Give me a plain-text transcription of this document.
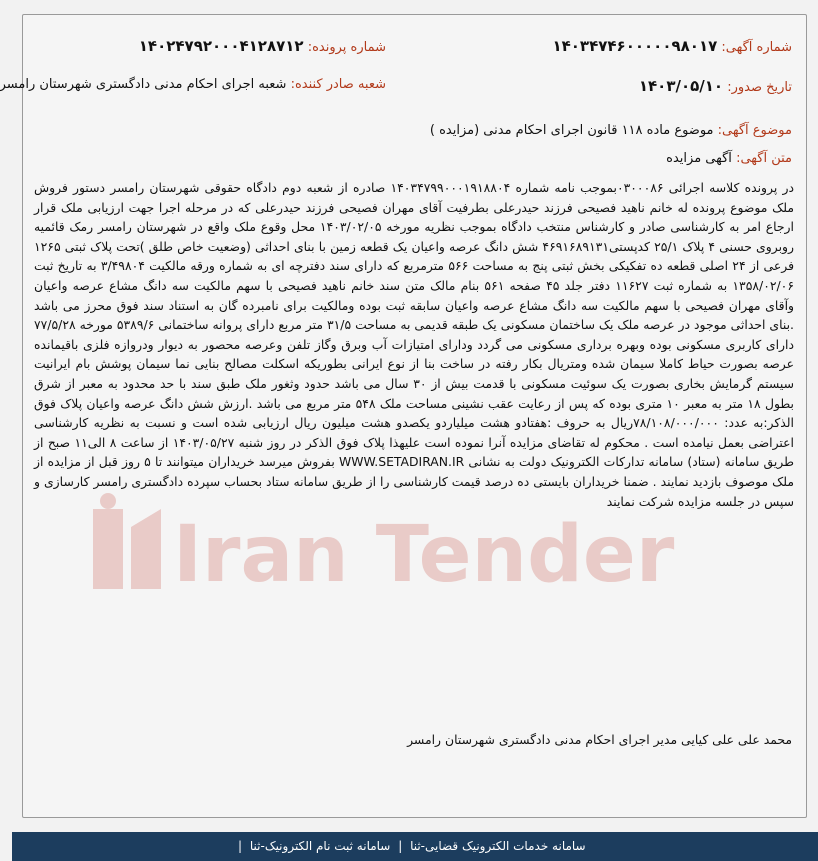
شماره آگهی: ۱۴۰۳۴۷۴۶۰۰۰۰۰۹۸۰۱۷
شماره پرونده: ۱۴۰۲۴۷۹۲۰۰۰۴۱۲۸۷۱۲
تاریخ صدور: ۱۴۰۳/۰۵/۱۰
شعبه صادر کننده: شعبه اجرای احکام مدنی دادگستری شهرستان رامسر
موضوع آگهی: موضوع ماده ۱۱۸ قانون اجرای احکام مدنی (مزایده )
متن آگهی: آگهی مزایده
Iran Tender
در پرونده کلاسه اجرائی ۰۳۰۰۰۸۶بموجب نامه شماره ۱۴۰۳۴۷۹۹۰۰۰۱۹۱۸۸۰۴ صادره از شعبه دوم دادگاه حقوقی شهرستان رامسر دستور فروش ملک موضوع پرونده له خانم ناهید فصیحی فرزند حیدرعلی بطرفیت آقای مهران فصیحی فرزند حیدرعلی که در مرحله اجرا جهت ارزیابی ملک قرار ارجاع امر به کارشناسی صادر و کارشناس منتخب دادگاه بموجب نظریه مورخه ۱۴۰۳/۰۲/۰۵ محل وقوع ملک واقع در شهرستان رامسر رمک قائمیه روبروی حسنی ۴ پلاک ۲۵/۱ کدپستی۴۶۹۱۶۸۹۱۳۱ شش دانگ عرصه واعیان یک قطعه زمین با بنای احداثی (وضعیت خاص طلق )تحت پلاک ثبتی ۱۲۶۵ فرعی از ۲۴ اصلی قطعه ده تفکیکی بخش ثبتی پنج به مساحت ۵۶۶ مترمربع که دارای سند دفترچه ای به شماره ورقه مالکیت ۳/۴۹۸۰۴ به تاریخ ثبت ۱۳۵۸/۰۲/۰۶ به شماره ثبت ۱۱۶۲۷ دفتر جلد ۴۵ صفحه ۵۶۱ بنام مالک متن سند خانم ناهید فصیحی با سهم مالکیت سه دانگ مشاع عرصه واعیان وآقای مهران فصیحی با سهم مالکیت سه دانگ مشاع عرصه واعیان سابقه ثبت بوده ومالکیت برای نامبرده گان به استناد سند فوق محرز می باشد .بنای احداثی موجود در عرصه ملک یک ساختمان مسکونی یک طبقه قدیمی به مساحت ۳۱/۵ متر مربع دارای پروانه ساختمانی ۵۳۸۹/۶ مورخه ۷۷/۵/۲۸ دارای کاربری مسکونی بوده وبهره برداری مسکونی می گردد ودارای امتیازات آب وبرق وگاز تلفن وعرصه محصور به دیوار ودروازه فلزی باقیمانده عرصه بصورت حیاط کاملا سیمان شده ومتریال بکار رفته در ساخت بنا از نوع ایرانی بطوریکه اسکلت مصالح بنایی نما سیمان پوشش بام ایرانیت سیستم گرمایش بخاری بصورت یک سوئیت مسکونی با قدمت بیش از ۳۰ سال می باشد حدود وثغور ملک طبق سند با حد محدود به معبر از شرق بطول ۱۸ متر به معبر ۱۰ متری بوده که پس از رعایت عقب نشینی مساحت ملک ۵۴۸ متر مربع می باشد .ارزش شش دانگ عرصه واعیان پلاک فوق الذکر:به عدد: ۷۸/۱۰۸/۰۰۰/۰۰۰ریال به حروف :هفتادو هشت میلیاردو یکصدو هشت میلیون ریال ارزیابی شده است و نسبت به نظریه کارشناسی اعتراضی بعمل نیامده است . محکوم له تقاضای مزایده آنرا نموده است علیهذا پلاک فوق الذکر در روز شنبه ۱۴۰۳/۰۵/۲۷ از ساعت ۸ الی۱۱ صبح از طریق سامانه (ستاد) سامانه تدارکات الکترونیک دولت به نشانی WWW.SETADIRAN.IR بفروش میرسد خریداران میتوانند تا ۵ روز قبل از مزایده از ملک موصوف بازدید نمایند . ضمنا خریداران بایستی ده درصد قیمت کارشناسی را از طریق سامانه ستاد بحساب سپرده دادگستری رامسر کارسازی و سپس در جلسه مزایده شرکت نمایند
محمد علی علی کیایی مدیر اجرای احکام مدنی دادگستری شهرستان رامسر
سامانه خدمات الکترونیک قضایی-ثنا | سامانه ثبت نام الکترونیک-ثنا |
